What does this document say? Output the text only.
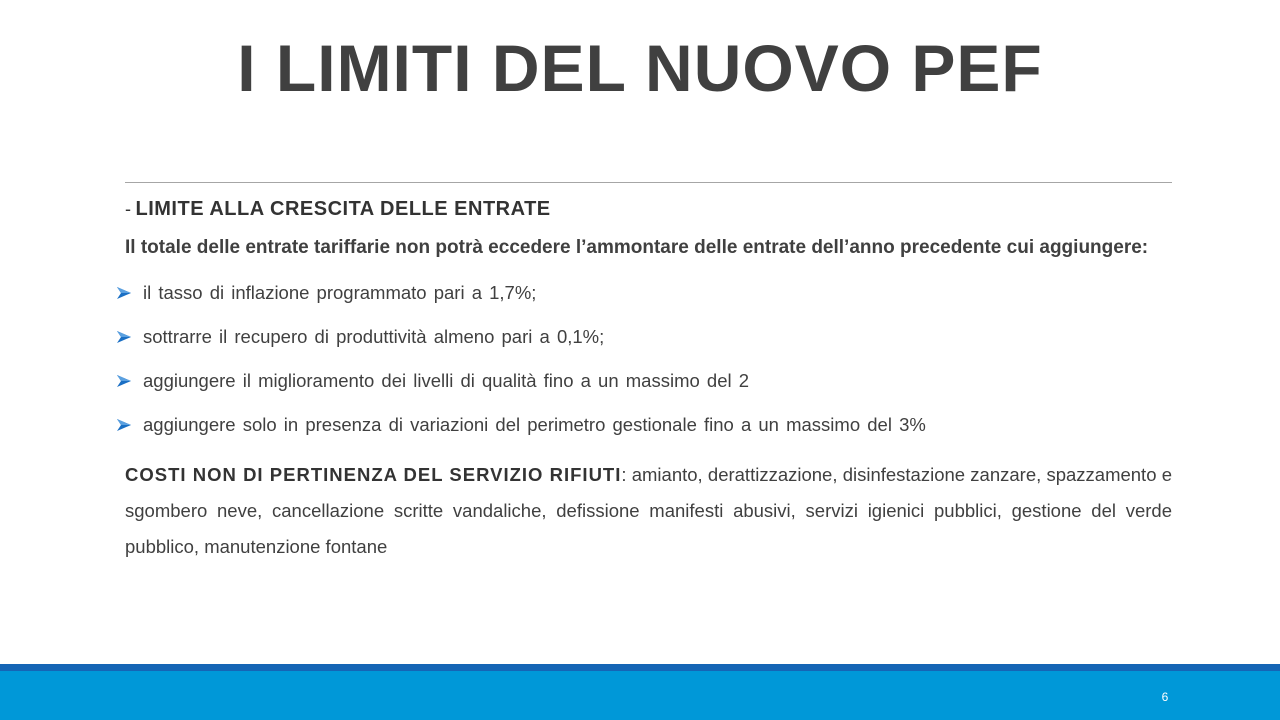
I LIMITI DEL NUOVO PEF

- LIMITE ALLA CRESCITA DELLE ENTRATE

Il totale delle entrate tariffarie non potrà eccedere l’ammontare delle entrate dell’anno precedente cui aggiungere:

il tasso di inflazione programmato pari a 1,7%;
sottrarre il recupero di produttività almeno pari a 0,1%;
aggiungere il miglioramento dei livelli di qualità fino a un massimo del 2
aggiungere solo in presenza di variazioni del perimetro gestionale fino a un massimo del 3%

COSTI NON DI PERTINENZA DEL SERVIZIO RIFIUTI: amianto, derattizzazione, disinfestazione zanzare, spazzamento e sgombero neve, cancellazione scritte vandaliche, defissione manifesti abusivi, servizi igienici pubblici, gestione del verde pubblico, manutenzione fontane

6
